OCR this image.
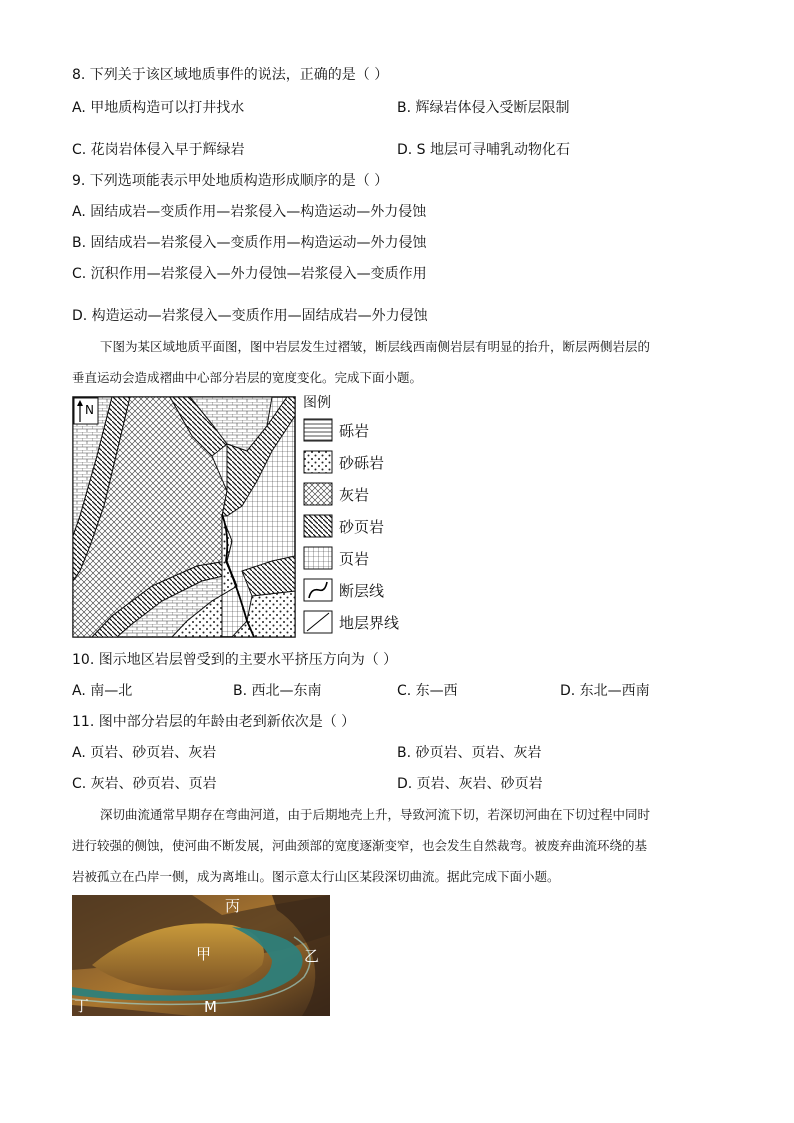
8. 下列关于该区域地质事件的说法，正确的是（ ）
A. 甲地质构造可以打井找水	B. 辉绿岩体侵入受断层限制
C. 花岗岩体侵入早于辉绿岩	D. S 地层可寻哺乳动物化石
9. 下列选项能表示甲处地质构造形成顺序的是（ ）
A. 固结成岩—变质作用—岩浆侵入—构造运动—外力侵蚀
B. 固结成岩—岩浆侵入—变质作用—构造运动—外力侵蚀
C. 沉积作用—岩浆侵入—外力侵蚀—岩浆侵入—变质作用
D. 构造运动—岩浆侵入—变质作用—固结成岩—外力侵蚀
下图为某区域地质平面图，图中岩层发生过褶皱，断层线西南侧岩层有明显的抬升，断层两侧岩层的
垂直运动会造成褶曲中心部分岩层的宽度变化。完成下面小题。
N	图例
砾岩
砂砾岩
灰岩
砂页岩
页岩
断层线
地层界线
10. 图示地区岩层曾受到的主要水平挤压方向为（ ）
A. 南—北	B. 西北—东南	C. 东—西	D. 东北—西南
11. 图中部分岩层的年龄由老到新依次是（ ）
A. 页岩、砂页岩、灰岩	B. 砂页岩、页岩、灰岩
C. 灰岩、砂页岩、页岩	D. 页岩、灰岩、砂页岩
深切曲流通常早期存在弯曲河道，由于后期地壳上升，导致河流下切，若深切河曲在下切过程中同时
进行较强的侧蚀，使河曲不断发展，河曲颈部的宽度逐渐变窄，也会发生自然裁弯。被废弃曲流环绕的基
岩被孤立在凸岸一侧，成为离堆山。图示意太行山区某段深切曲流。据此完成下面小题。
丙
甲	乙
丁	M
